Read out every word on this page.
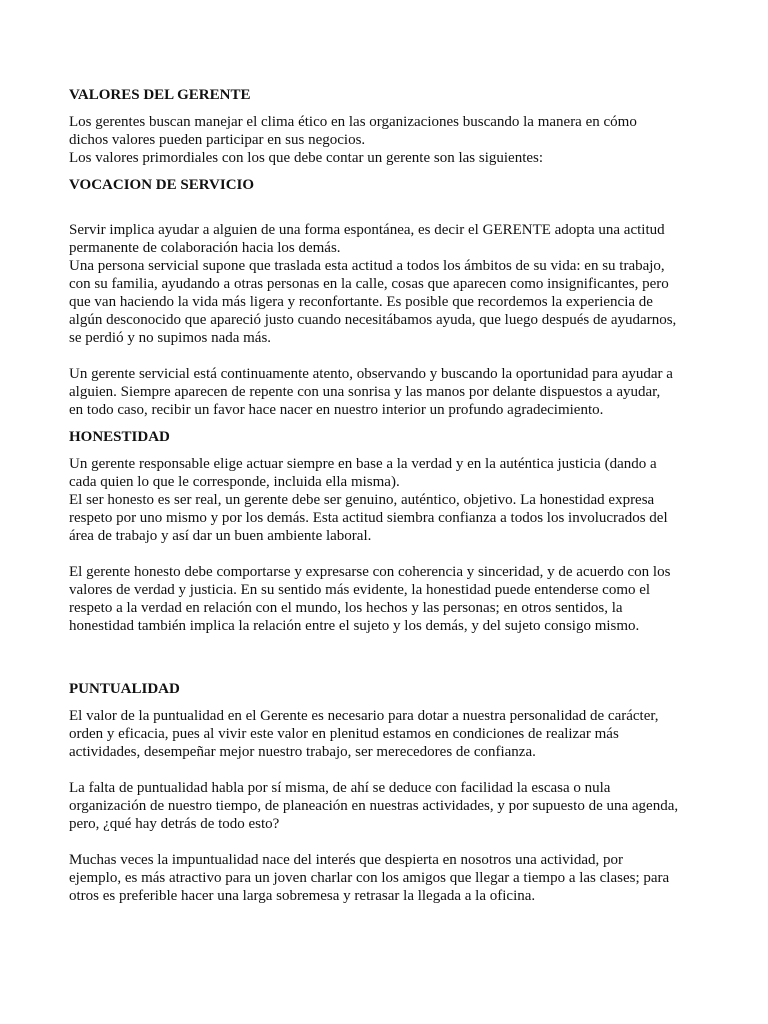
VALORES DEL GERENTE

Los gerentes buscan manejar el clima ético en las organizaciones buscando la manera en cómo
dichos valores pueden participar en sus negocios.
Los valores primordiales con los que debe contar un gerente son las siguientes:

VOCACION DE SERVICIO

Servir implica ayudar a alguien de una forma espontánea, es decir el GERENTE adopta una actitud
permanente de colaboración hacia los demás.
Una persona servicial supone que traslada esta actitud a todos los ámbitos de su vida: en su trabajo,
con su familia, ayudando a otras personas en la calle, cosas que aparecen como insignificantes, pero
que van haciendo la vida más ligera y reconfortante. Es posible que recordemos la experiencia de
algún desconocido que apareció justo cuando necesitábamos ayuda, que luego después de ayudarnos,
se perdió y no supimos nada más.

Un gerente servicial está continuamente atento, observando y buscando la oportunidad para ayudar a
alguien. Siempre aparecen de repente con una sonrisa y las manos por delante dispuestos a ayudar,
en todo caso, recibir un favor hace nacer en nuestro interior un profundo agradecimiento.

HONESTIDAD

Un gerente responsable elige actuar siempre en base a la verdad y en la auténtica justicia (dando a
cada quien lo que le corresponde, incluida ella misma).
El ser honesto es ser real, un gerente debe ser genuino, auténtico, objetivo. La honestidad expresa
respeto por uno mismo y por los demás. Esta actitud siembra confianza a todos los involucrados del
área de trabajo y así dar un buen ambiente laboral.

El gerente honesto debe comportarse y expresarse con coherencia y sinceridad, y de acuerdo con los
valores de verdad y justicia. En su sentido más evidente, la honestidad puede entenderse como el
respeto a la verdad en relación con el mundo, los hechos y las personas; en otros sentidos, la
honestidad también implica la relación entre el sujeto y los demás, y del sujeto consigo mismo.

PUNTUALIDAD

El valor de la puntualidad en el Gerente es necesario para dotar a nuestra personalidad de carácter,
orden y eficacia, pues al vivir este valor en plenitud estamos en condiciones de realizar más
actividades, desempeñar mejor nuestro trabajo, ser merecedores de confianza.

La falta de puntualidad habla por sí misma, de ahí se deduce con facilidad la escasa o nula
organización de nuestro tiempo, de planeación en nuestras actividades, y por supuesto de una agenda,
pero, ¿qué hay detrás de todo esto?

Muchas veces la impuntualidad nace del interés que despierta en nosotros una actividad, por
ejemplo, es más atractivo para un joven charlar con los amigos que llegar a tiempo a las clases; para
otros es preferible hacer una larga sobremesa y retrasar la llegada a la oficina.
